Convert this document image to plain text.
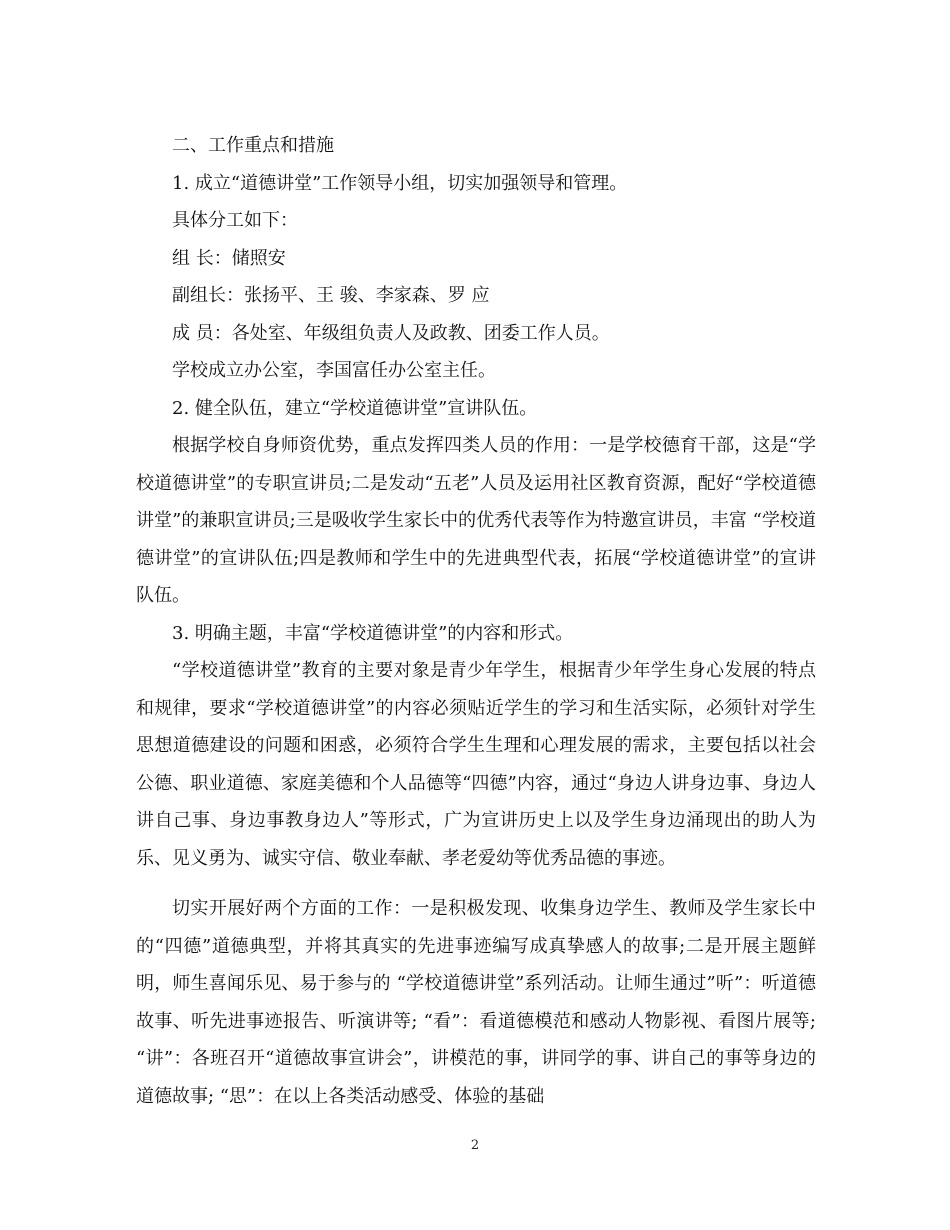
二、工作重点和措施

1. 成立“道德讲堂”工作领导小组，切实加强领导和管理。

具体分工如下：

组 长：储照安

副组长：张扬平、王 骏、李家森、罗 应

成 员：各处室、年级组负责人及政教、团委工作人员。

学校成立办公室，李国富任办公室主任。

2. 健全队伍，建立“学校道德讲堂”宣讲队伍。

根据学校自身师资优势，重点发挥四类人员的作用：一是学校德育干部，这是“学校道德讲堂”的专职宣讲员;二是发动“五老”人员及运用社区教育资源，配好“学校道德讲堂”的兼职宣讲员;三是吸收学生家长中的优秀代表等作为特邀宣讲员，丰富 “学校道德讲堂”的宣讲队伍;四是教师和学生中的先进典型代表，拓展“学校道德讲堂”的宣讲队伍。

3. 明确主题，丰富“学校道德讲堂”的内容和形式。

“学校道德讲堂”教育的主要对象是青少年学生，根据青少年学生身心发展的特点和规律，要求“学校道德讲堂”的内容必须贴近学生的学习和生活实际，必须针对学生思想道德建设的问题和困惑，必须符合学生生理和心理发展的需求，主要包括以社会公德、职业道德、家庭美德和个人品德等“四德”内容，通过“身边人讲身边事、身边人讲自己事、身边事教身边人”等形式，广为宣讲历史上以及学生身边涌现出的助人为乐、见义勇为、诚实守信、敬业奉献、孝老爱幼等优秀品德的事迹。

切实开展好两个方面的工作：一是积极发现、收集身边学生、教师及学生家长中的“四德”道德典型，并将其真实的先进事迹编写成真挚感人的故事;二是开展主题鲜明，师生喜闻乐见、易于参与的 “学校道德讲堂”系列活动。让师生通过”听”：听道德故事、听先进事迹报告、听演讲等; “看”：看道德模范和感动人物影视、看图片展等; “讲”：各班召开“道德故事宣讲会”，讲模范的事，讲同学的事、讲自己的事等身边的道德故事; “思”：在以上各类活动感受、体验的基础

2
